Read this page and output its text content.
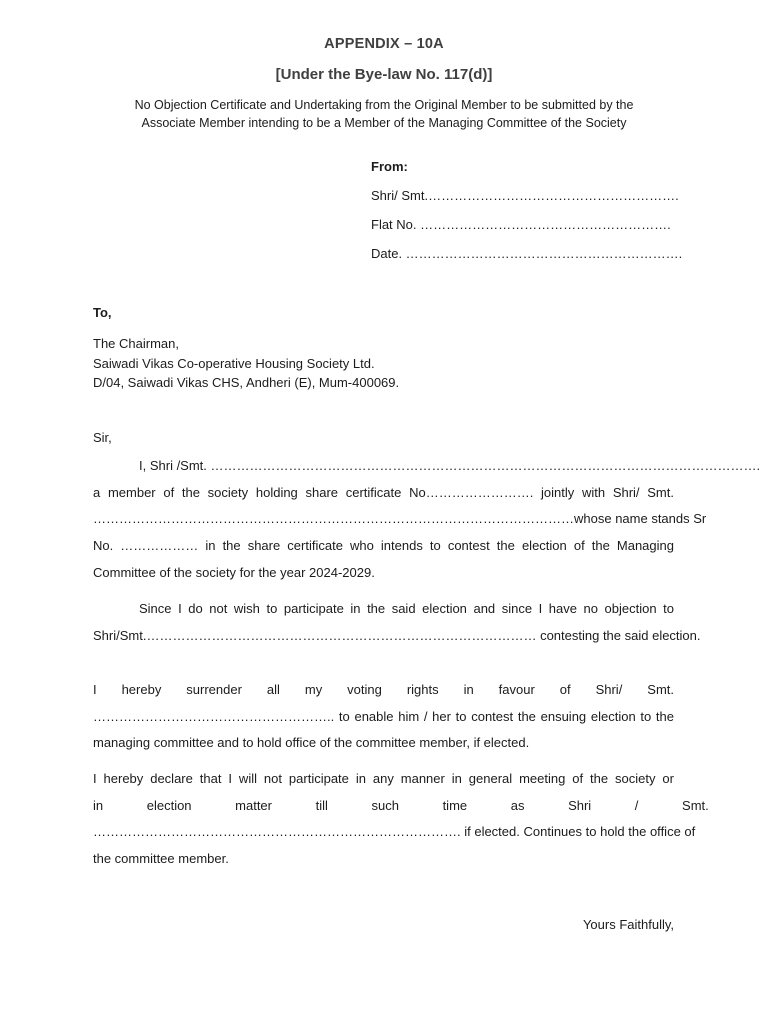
APPENDIX – 10A
[Under the Bye-law No. 117(d)]
No Objection Certificate and Undertaking from the Original Member to be submitted by the
Associate Member intending to be a Member of the Managing Committee of the Society
From:
Shri/ Smt.………………………………………………….
Flat No. ………………………………………………….
Date. ……………………………………………………….
To,
The Chairman,
Saiwadi Vikas Co-operative Housing Society Ltd.
D/04, Saiwadi Vikas CHS, Andheri (E), Mum-400069.
Sir,
I, Shri /Smt. ……………………………………………………………………………………………………………….
a member of the society holding share certificate No……………………. jointly with Shri/ Smt.
…………………………………………………………………………………………………whose name stands Sr
No. ……………… in the share certificate who intends to contest the election of the Managing
Committee of the society for the year 2024-2029.
Since I do not wish to participate in the said election and since I have no objection to
Shri/Smt.……………………………………………………………………………… contesting the said election.
I hereby surrender all my voting rights in favour of Shri/ Smt.
……………………………………………….. to enable him / her to contest the ensuing election to the
managing committee and to hold office of the committee member, if elected.
I hereby declare that I will not participate in any manner in general meeting of the society or
in election matter till such time as Shri / Smt.
…………………………………………………………………………. if elected. Continues to hold the office of
the committee member.
Yours Faithfully,
